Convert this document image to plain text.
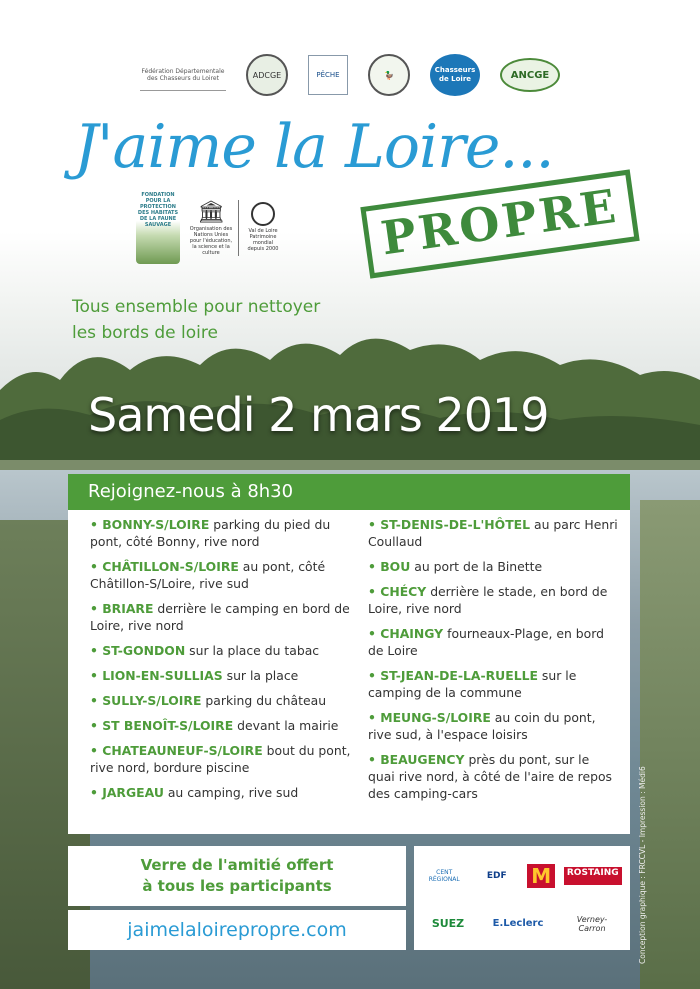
Fédération Départementale des Chasseurs du Loiret	ADCGE	PÊCHE	🦆
Chasseurs de Loire	ANCGE
J'aime la Loire...
PROPRE
FONDATION POUR LA PROTECTION DES HABITATS DE LA FAUNE SAUVAGE	🏛
Organisation des Nations Unies pour l'éducation, la science et la culture
Val de Loire Patrimoine mondial depuis 2000
Tous ensemble pour nettoyer
les bords de loire
Samedi 2 mars 2019
Rejoignez-nous à 8h30
• BONNY-S/LOIRE parking du pied du pont, côté Bonny, rive nord
• CHÂTILLON-S/LOIRE au pont, côté Châtillon-S/Loire, rive sud
• BRIARE derrière le camping en bord de Loire, rive nord
• ST-GONDON sur la place du tabac
• LION-EN-SULLIAS sur la place
• SULLY-S/LOIRE parking du château
• ST BENOÎT-S/LOIRE devant la mairie
• CHATEAUNEUF-S/LOIRE bout du pont, rive nord, bordure piscine
• JARGEAU au camping, rive sud
• ST-DENIS-DE-L'HÔTEL au parc Henri Coullaud
• BOU au port de la Binette
• CHÉCY derrière le stade, en bord de Loire, rive nord
• CHAINGY fourneaux-Plage, en bord de Loire
• ST-JEAN-DE-LA-RUELLE sur le camping de la commune
• MEUNG-S/LOIRE au coin du pont, rive sud, à l'espace loisirs
• BEAUGENCY près du pont, sur le quai rive nord, à côté de l'aire de repos des camping-cars
Verre de l'amitié offert
à tous les participants
jaimelaloirepropre.com
CENT RÉGIONAL	EDF	M	ROSTAING
SUEZ	E.Leclerc	Verney-Carron	Conception graphique : FRCCVL - Impression : Médi6
